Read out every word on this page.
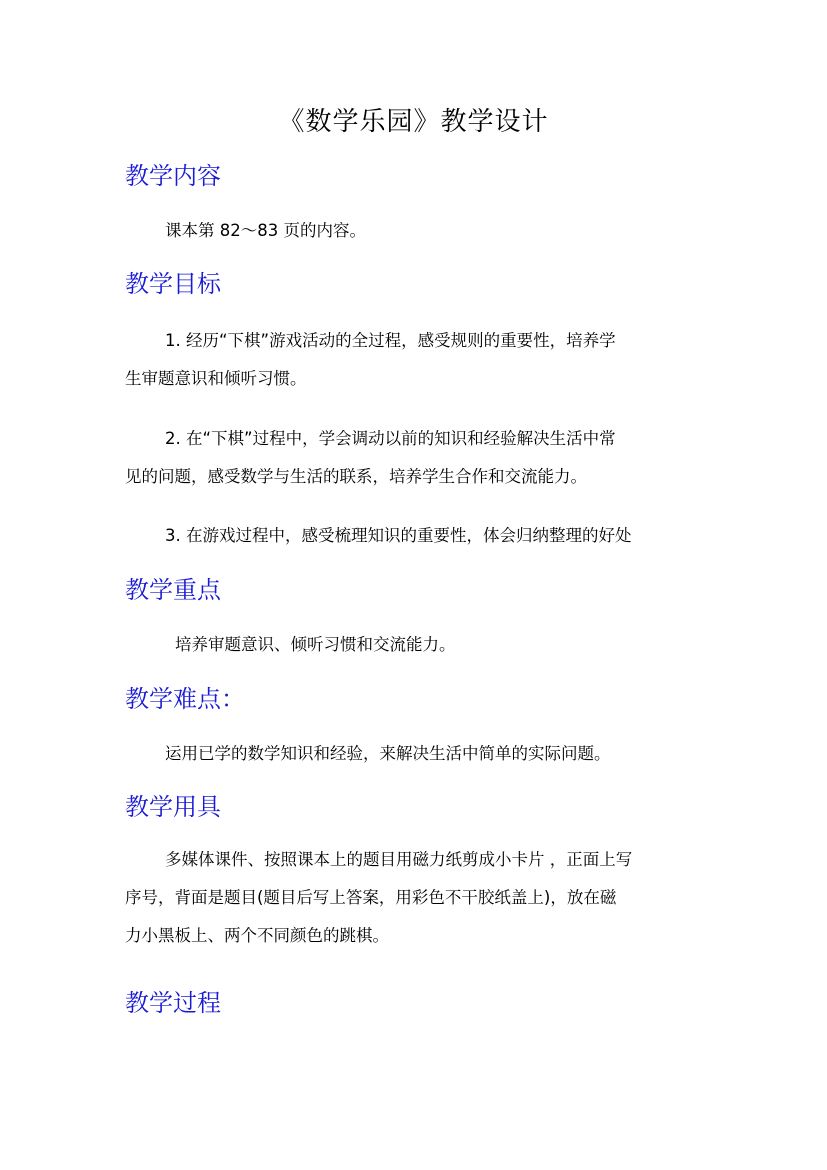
《数学乐园》教学设计
教学内容

课本第 82～83 页的内容。

教学目标

1. 经历“下棋”游戏活动的全过程，感受规则的重要性，培养学
生审题意识和倾听习惯。

2. 在“下棋”过程中，学会调动以前的知识和经验解决生活中常
见的问题，感受数学与生活的联系，培养学生合作和交流能力。

3. 在游戏过程中，感受梳理知识的重要性，体会归纳整理的好处

教学重点

培养审题意识、倾听习惯和交流能力。

教学难点：

运用已学的数学知识和经验，来解决生活中简单的实际问题。

教学用具

多媒体课件、按照课本上的题目用磁力纸剪成小卡片 ，正面上写
序号，背面是题目(题目后写上答案，用彩色不干胶纸盖上)，放在磁
力小黑板上、两个不同颜色的跳棋。

教学过程
